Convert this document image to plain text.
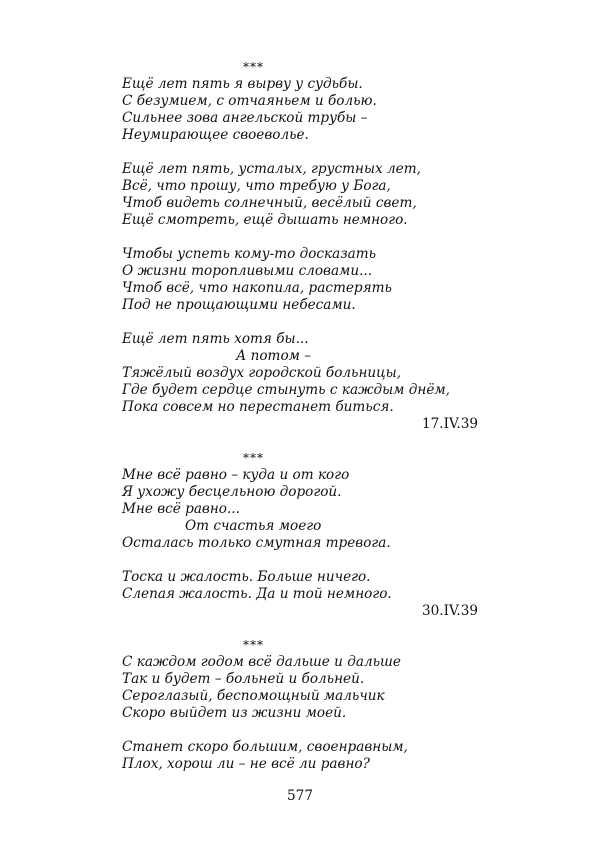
***
Ещё лет пять я вырву у судьбы.
С безумием, с отчаяньем и болью.
Сильнее зова ангельской трубы –
Неумирающее своеволье.
Ещё лет пять, усталых, грустных лет,
Всё, что прошу, что требую у Бога,
Чтоб видеть солнечный, весёлый свет,
Ещё смотреть, ещё дышать немного.
Чтобы успеть кому-то досказать
О жизни торопливыми словами...
Чтоб всё, что накопила, растерять
Под не прощающими небесами.
Ещё лет пять хотя бы...
А потом –
Тяжёлый воздух городской больницы,
Где будет сердце стынуть с каждым днём,
Пока совсем но перестанет биться.
17.IV.39
***
Мне всё равно – куда и от кого
Я ухожу бесцельною дорогой.
Мне всё равно...
От счастья моего
Осталась только смутная тревога.
Тоска и жалость. Больше ничего.
Слепая жалость. Да и той немного.
30.IV.39
***
С каждом годом всё дальше и дальше
Так и будет – больней и больней.
Сероглазый, беспомощный мальчик
Скоро выйдет из жизни моей.
Станет скоро большим, своенравным,
Плох, хорош ли – не всё ли равно?
577
